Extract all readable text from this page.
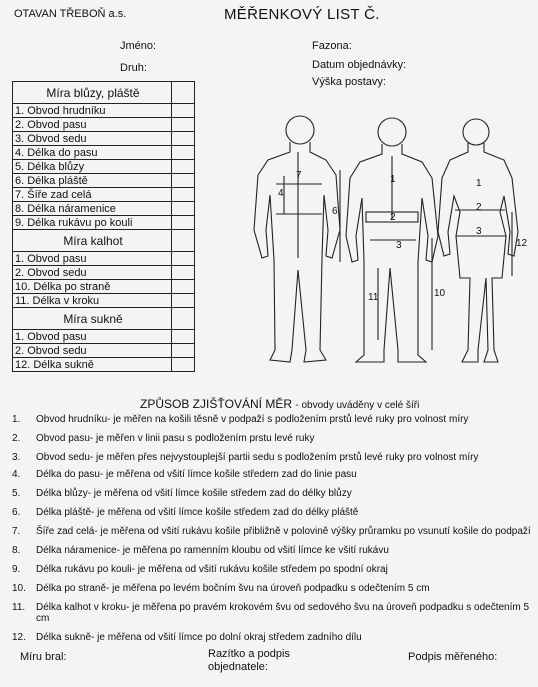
OTAVAN TŘEBOŇ a.s.	MĚŘENKOVÝ LIST Č.
Jméno:
Druh:
Fazona:
Datum objednávky:
Výška postavy:
Míra blůzy, pláště	
1. Obvod hrudníku	
2. Obvod pasu	
3. Obvod sedu	
4. Délka do pasu	
5. Délka blůzy	
6. Délka pláště	
7. Šíře zad celá	
8. Délka náramenice	
9. Délka rukávu po kouli	
Míra kalhot	
1. Obvod pasu	
2. Obvod sedu	
10. Délka po straně	
11. Délka v kroku	
Míra sukně	
1. Obvod pasu	
2. Obvod sedu	
12. Délka sukně	
7
4
6
1
2
3
10
11
1
2
3
12
ZPŮSOB ZJIŠŤOVÁNÍ MĚR - obvody uváděny v celé šíři
1.	Obvod hrudníku- je měřen na košili těsně v podpaží s podložením prstů levé ruky pro volnost míry
2.	Obvod pasu- je měřen v linii pasu s podložením prstu levé ruky
3.	Obvod sedu- je měřen přes nejvystouplejší partii sedu s podložením prstů levé ruky pro volnost míry
4.	Délka do pasu- je měřena od všití límce košile středem zad do linie pasu
5.	Délka blůzy- je měřena od všití límce košile středem zad do délky blůzy
6.	Délka pláště- je měřena od všití límce košile středem zad do délky pláště
7.	Šíře zad celá- je měřena od všití rukávu košile přibližně v polovině výšky průramku po vsunutí košile do podpaží
8.	Délka náramenice- je měřena po ramenním kloubu od všití límce ke všití rukávu
9.	Délka rukávu po kouli- je měřena od všití rukávu košile středem po spodní okraj
10.	Délka po straně- je měřena po levém bočním švu na úroveň podpadku s odečtením 5 cm
11.	Délka kalhot v kroku- je měřena po pravém krokovém švu od sedového švu na úroveň podpadku s odečtením 5 cm
12.	Délka sukně- je měřena od všití límce po dolní okraj středem zadního dílu
Míru bral:	Razítko a podpis
objednatele:
Podpis měřeného:
